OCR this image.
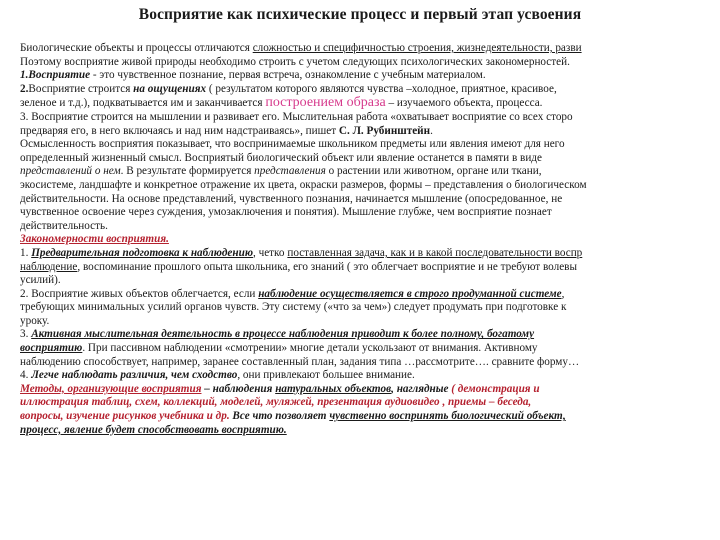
Восприятие как психические процесс и первый этап усвоения

Биологические объекты и процессы отличаются сложностью и специфичностью строения, жизнедеятельности, разви
Поэтому восприятие живой природы необходимо строить с учетом следующих психологических закономерностей.

1.Восприятие - это чувственное познание, первая встреча, ознакомление с учебным материалом.

2.Восприятие строится на ощущениях ( результатом которого являются чувства –холодное, приятное, красивое,
зеленое и т.д.), подкватывается им и заканчивается построением образа – изучаемого объекта, процесса.

3. Восприятие строится на мышлении и развивает его. Мыслительная работа «охватывает восприятие со всех сторо
предваряя его, в него включаясь и над ним надстраиваясь», пишет С. Л. Рубинштейн.

Осмысленность восприятия показывает, что воспринимаемые школьником предметы или явления имеют для него
определенный жизненный смысл. Восприятый биологический объект или явление останется в памяти в виде
представлений о нем. В результате формируется представления о растении или животном, органе или ткани,
экосистеме, ландшафте и конкретное отражение их цвета, окраски размеров, формы – представления о биологическом
действительности. На основе представлений, чувственного познания, начинается мышление (опосредованное, не
чувственное освоение через суждения, умозаключения и понятия). Мышление глубже, чем восприятие познает
действительность.

Закономерности восприятия.

1. Предварительная подготовка к наблюдению, четко поставленная задача, как и в какой последовательности воспр
наблюдение, воспоминание прошлого опыта школьника, его знаний ( это облегчает восприятие и не требуют волевы
усилий).

2. Восприятие живых объектов облегчается, если наблюдение осуществляется в строго продуманной системе,
требующих минимальных усилий органов чувств. Эту систему («что за чем») следует продумать при подготовке к
уроку.

3. Активная мыслительная деятельность в процессе наблюдения приводит к более полному, богатому
восприятию. При пассивном наблюдении «смотрении» многие детали ускользают от внимания. Активному
наблюдению способствует, например, заранее составленный план, задания типа …рассмотрите…. сравните форму…

4. Легче наблюдать различия, чем сходство, они привлекают большее внимание.

Методы, организующие восприятия – наблюдения натуральных объектов, наглядные ( демонстрация и
иллюстрация таблиц, схем, коллекций, моделей, муляжей, презентация аудиовидео , приемы – беседа,
вопросы, изучение рисунков учебника и др. Все что позволяет чувственно воспринять биологический объект,
процесс, явление будет способствовать восприятию.
